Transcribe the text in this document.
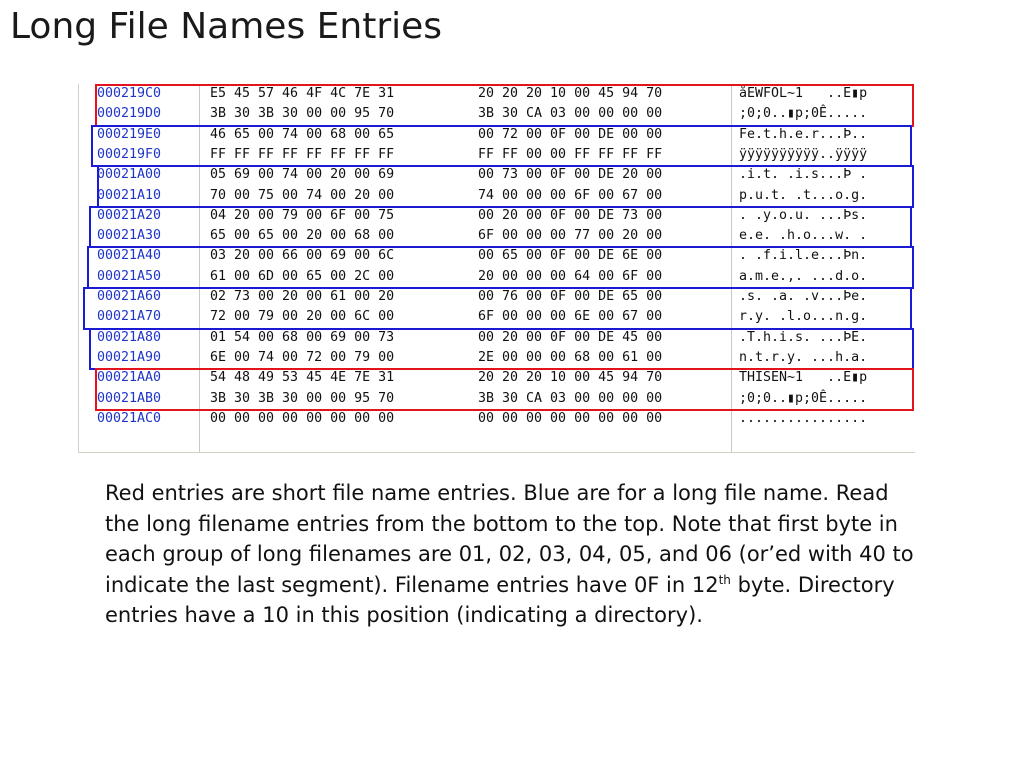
Long File Names Entries
000219C0	E5 45 57 46 4F 4C 7E 31	20 20 20 10 00 45 94 70	åEWFOL~1   ..E▮p
000219D0	3B 30 3B 30 00 00 95 70	3B 30 CA 03 00 00 00 00	;0;0..▮p;0Ê.....
000219E0	46 65 00 74 00 68 00 65	00 72 00 0F 00 DE 00 00	Fe.t.h.e.r...Þ..
000219F0	FF FF FF FF FF FF FF FF	FF FF 00 00 FF FF FF FF	ÿÿÿÿÿÿÿÿÿÿ..ÿÿÿÿ
00021A00	05 69 00 74 00 20 00 69	00 73 00 0F 00 DE 20 00	.i.t. .i.s...Þ .
00021A10	70 00 75 00 74 00 20 00	74 00 00 00 6F 00 67 00	p.u.t. .t...o.g.
00021A20	04 20 00 79 00 6F 00 75	00 20 00 0F 00 DE 73 00	. .y.o.u. ...Þs.
00021A30	65 00 65 00 20 00 68 00	6F 00 00 00 77 00 20 00	e.e. .h.o...w. .
00021A40	03 20 00 66 00 69 00 6C	00 65 00 0F 00 DE 6E 00	. .f.i.l.e...Þn.
00021A50	61 00 6D 00 65 00 2C 00	20 00 00 00 64 00 6F 00	a.m.e.,. ...d.o.
00021A60	02 73 00 20 00 61 00 20	00 76 00 0F 00 DE 65 00	.s. .a. .v...Þe.
00021A70	72 00 79 00 20 00 6C 00	6F 00 00 00 6E 00 67 00	r.y. .l.o...n.g.
00021A80	01 54 00 68 00 69 00 73	00 20 00 0F 00 DE 45 00	.T.h.i.s. ...ÞE.
00021A90	6E 00 74 00 72 00 79 00	2E 00 00 00 68 00 61 00	n.t.r.y. ...h.a.
00021AA0	54 48 49 53 45 4E 7E 31	20 20 20 10 00 45 94 70	THISEN~1   ..E▮p
00021AB0	3B 30 3B 30 00 00 95 70	3B 30 CA 03 00 00 00 00	;0;0..▮p;0Ê.....
00021AC0	00 00 00 00 00 00 00 00	00 00 00 00 00 00 00 00	................

Red entries are short file name entries. Blue are for a long file name. Read the long filename entries from the bottom to the top. Note that first byte in each group of long filenames are 01, 02, 03, 04, 05, and 06 (or’ed with 40 to indicate the last segment). Filename entries have 0F in 12th byte. Directory entries have a 10 in this position (indicating a directory).
